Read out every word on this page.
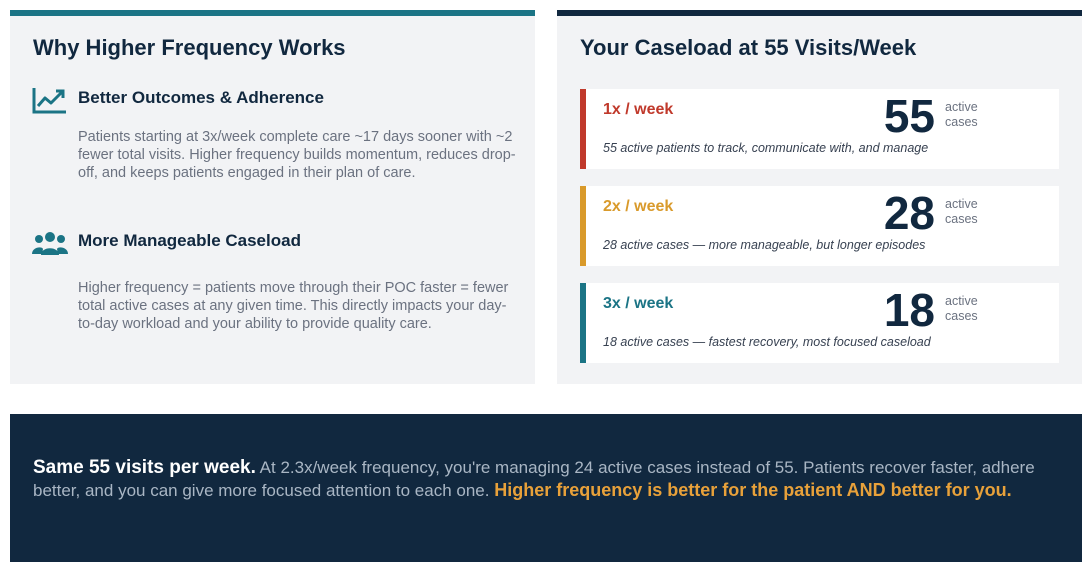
Why Higher Frequency Works
Better Outcomes & Adherence
Patients starting at 3x/week complete care ~17 days sooner with ~2 fewer total visits. Higher frequency builds momentum, reduces drop-off, and keeps patients engaged in their plan of care.
More Manageable Caseload
Higher frequency = patients move through their POC faster = fewer total active cases at any given time. This directly impacts your day-to-day workload and your ability to provide quality care.
Your Caseload at 55 Visits/Week
1x / week	55 active
cases
55 active patients to track, communicate with, and manage
2x / week	28 active
cases
28 active cases — more manageable, but longer episodes
3x / week	18 active
cases
18 active cases — fastest recovery, most focused caseload
Same 55 visits per week. At 2.3x/week frequency, you're managing 24 active cases instead of 55. Patients recover faster, adhere better, and you can give more focused attention to each one. Higher frequency is better for the patient AND better for you.
